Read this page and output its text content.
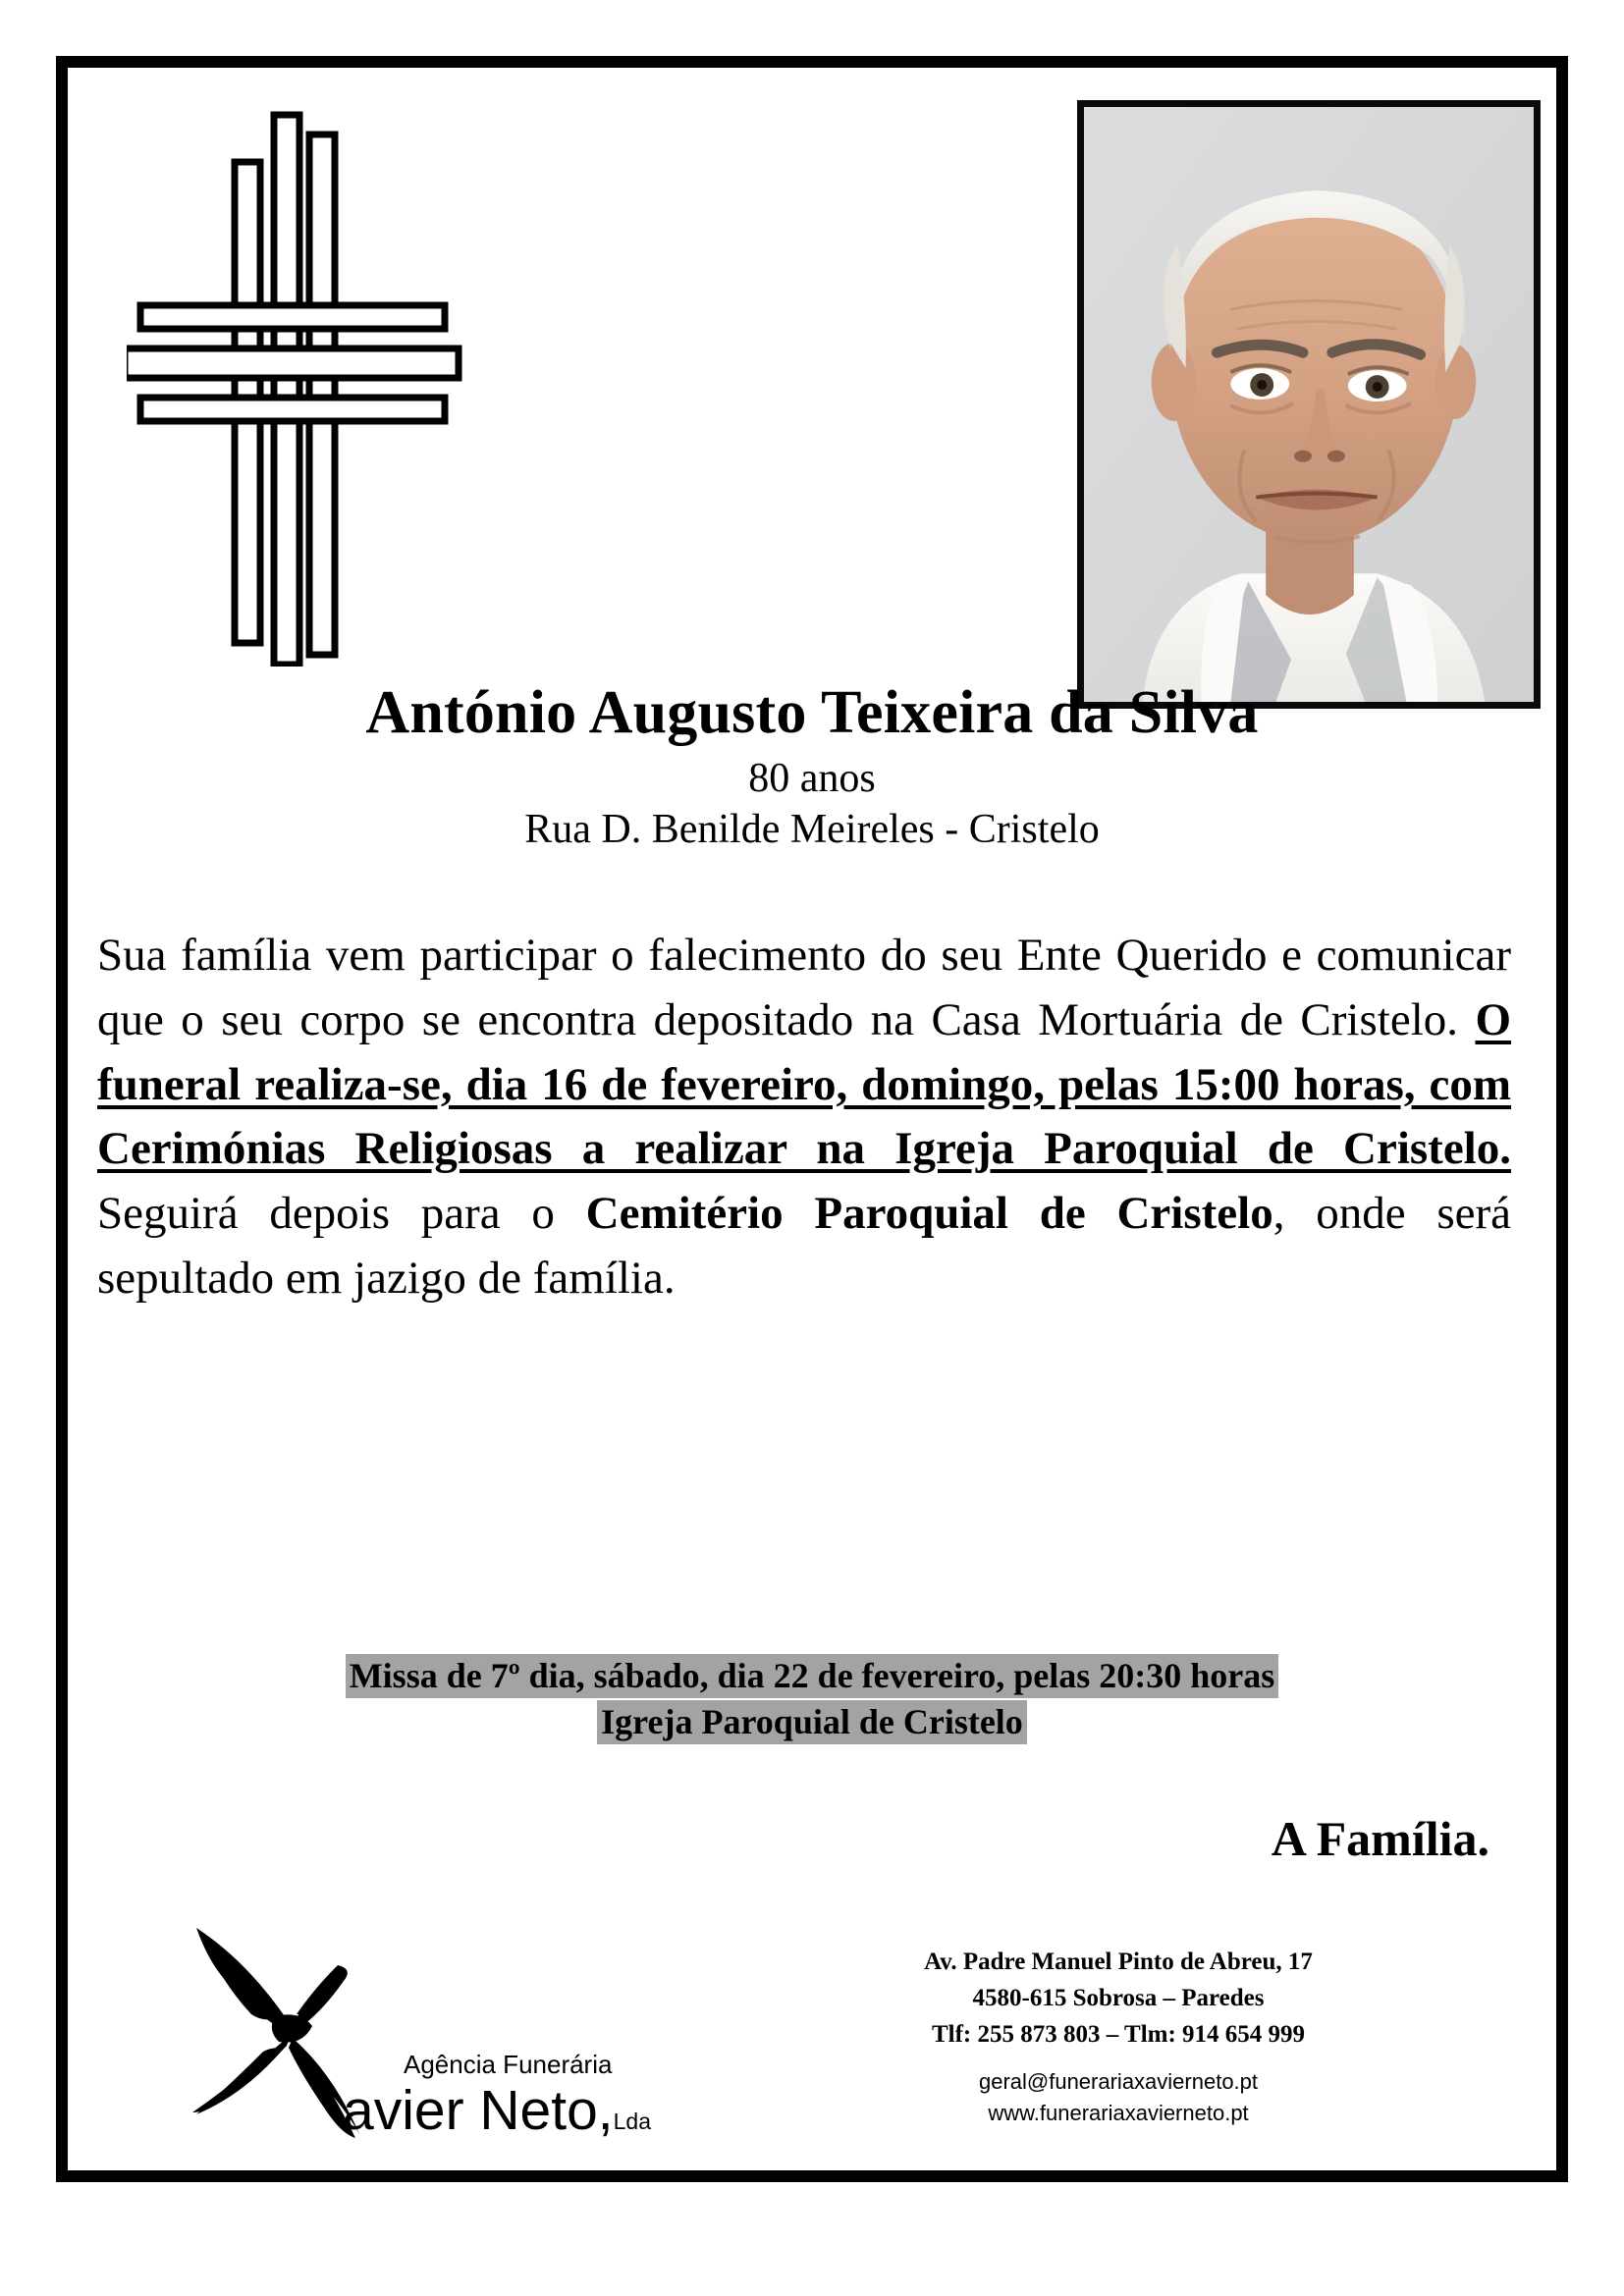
António Augusto Teixeira da Silva
80 anos
Rua D. Benilde Meireles - Cristelo

Sua família vem participar o falecimento do seu Ente Querido e comunicar que o seu corpo se encontra depositado na Casa Mortuária de Cristelo. O funeral realiza-se, dia 16 de fevereiro, domingo, pelas 15:00 horas, com Cerimónias Religiosas a realizar na Igreja Paroquial de Cristelo. Seguirá depois para o Cemitério Paroquial de Cristelo, onde será sepultado em jazigo de família.

Missa de 7º dia, sábado, dia 22 de fevereiro, pelas 20:30 horas
Igreja Paroquial de Cristelo
A Família.
Agência Funerária
avier Neto,Lda
Av. Padre Manuel Pinto de Abreu, 17
4580-615 Sobrosa – Paredes
Tlf: 255 873 803 – Tlm: 914 654 999
geral@funerariaxavierneto.pt
www.funerariaxavierneto.pt
